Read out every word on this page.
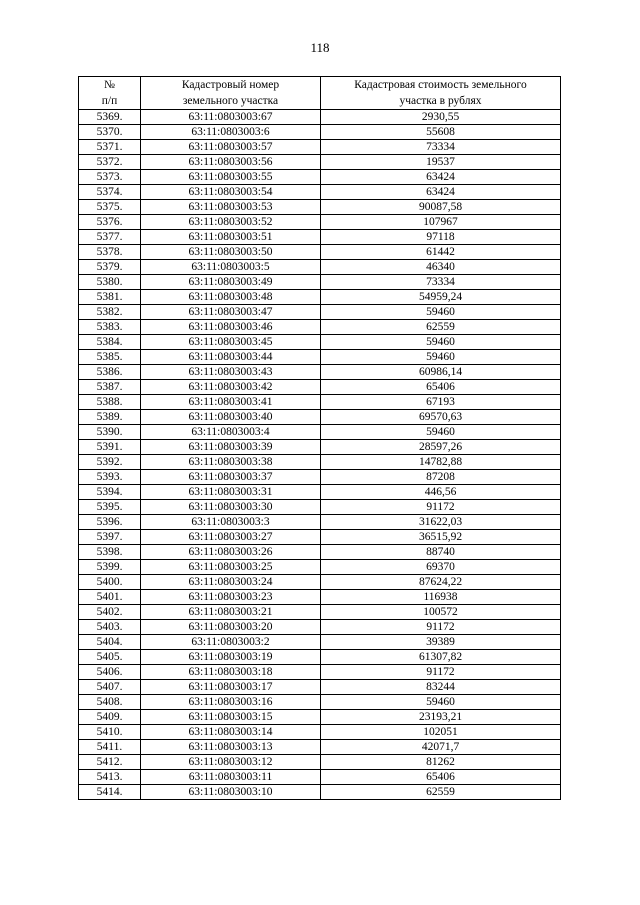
118
№	Кадастровый номер	Кадастровая стоимость земельного
п/п	земельного участка	участка в рублях
5369.	63:11:0803003:67	2930,55
5370.	63:11:0803003:6	55608
5371.	63:11:0803003:57	73334
5372.	63:11:0803003:56	19537
5373.	63:11:0803003:55	63424
5374.	63:11:0803003:54	63424
5375.	63:11:0803003:53	90087,58
5376.	63:11:0803003:52	107967
5377.	63:11:0803003:51	97118
5378.	63:11:0803003:50	61442
5379.	63:11:0803003:5	46340
5380.	63:11:0803003:49	73334
5381.	63:11:0803003:48	54959,24
5382.	63:11:0803003:47	59460
5383.	63:11:0803003:46	62559
5384.	63:11:0803003:45	59460
5385.	63:11:0803003:44	59460
5386.	63:11:0803003:43	60986,14
5387.	63:11:0803003:42	65406
5388.	63:11:0803003:41	67193
5389.	63:11:0803003:40	69570,63
5390.	63:11:0803003:4	59460
5391.	63:11:0803003:39	28597,26
5392.	63:11:0803003:38	14782,88
5393.	63:11:0803003:37	87208
5394.	63:11:0803003:31	446,56
5395.	63:11:0803003:30	91172
5396.	63:11:0803003:3	31622,03
5397.	63:11:0803003:27	36515,92
5398.	63:11:0803003:26	88740
5399.	63:11:0803003:25	69370
5400.	63:11:0803003:24	87624,22
5401.	63:11:0803003:23	116938
5402.	63:11:0803003:21	100572
5403.	63:11:0803003:20	91172
5404.	63:11:0803003:2	39389
5405.	63:11:0803003:19	61307,82
5406.	63:11:0803003:18	91172
5407.	63:11:0803003:17	83244
5408.	63:11:0803003:16	59460
5409.	63:11:0803003:15	23193,21
5410.	63:11:0803003:14	102051
5411.	63:11:0803003:13	42071,7
5412.	63:11:0803003:12	81262
5413.	63:11:0803003:11	65406
5414.	63:11:0803003:10	62559
